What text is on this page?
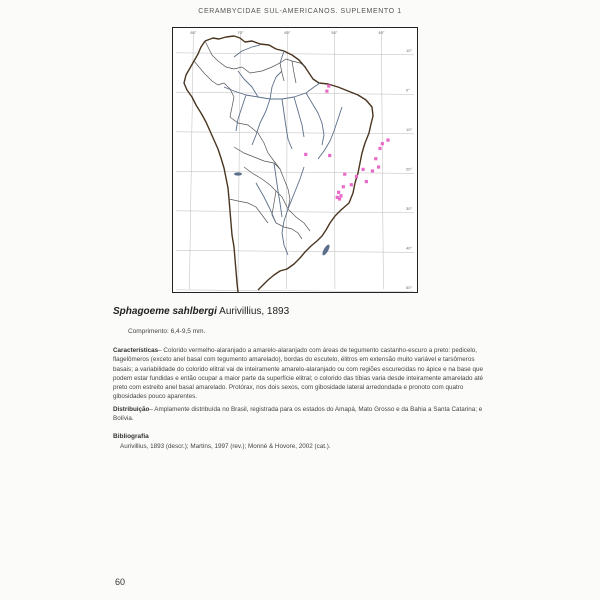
CERAMBYCIDAE SUL-AMERICANOS. SUPLEMENTO 1
10°
0°
10°
20°
30°
40°
50°
80°	70°	60°	50°	40°
Sphagoeme sahlbergi Aurivillius, 1893
Comprimento: 6,4-9,5 mm.
Características– Colorido vermelho-alaranjado a amarelo-alaranjado com áreas de tegumento castanho-escuro a preto: pedicelo, flagelômeros (exceto anel basal com tegumento amarelado), bordas do escutelo, élitros em extensão muito variável e tarsômeros basais; a variabilidade do colorido elitral vai de inteiramente amarelo-alaranjado ou com regiões escurecidas no ápice e na base que podem estar fundidas e então ocupar a maior parte da superfície elitral; o colorido das tíbias varia desde inteiramente amarelado até preto com estreito anel basal amarelado. Protórax, nos dois sexos, com gibosidade lateral arredondada e pronoto com quatro gibosidades pouco aparentes.
Distribuição– Amplamente distribuída no Brasil, registrada para os estados do Amapá, Mato Grosso e da Bahia a Santa Catarina; e Bolívia.
Bibliografia
Aurivillius, 1893 (descr.); Martins, 1997 (rev.); Monné & Hovore, 2002 (cat.).
60
